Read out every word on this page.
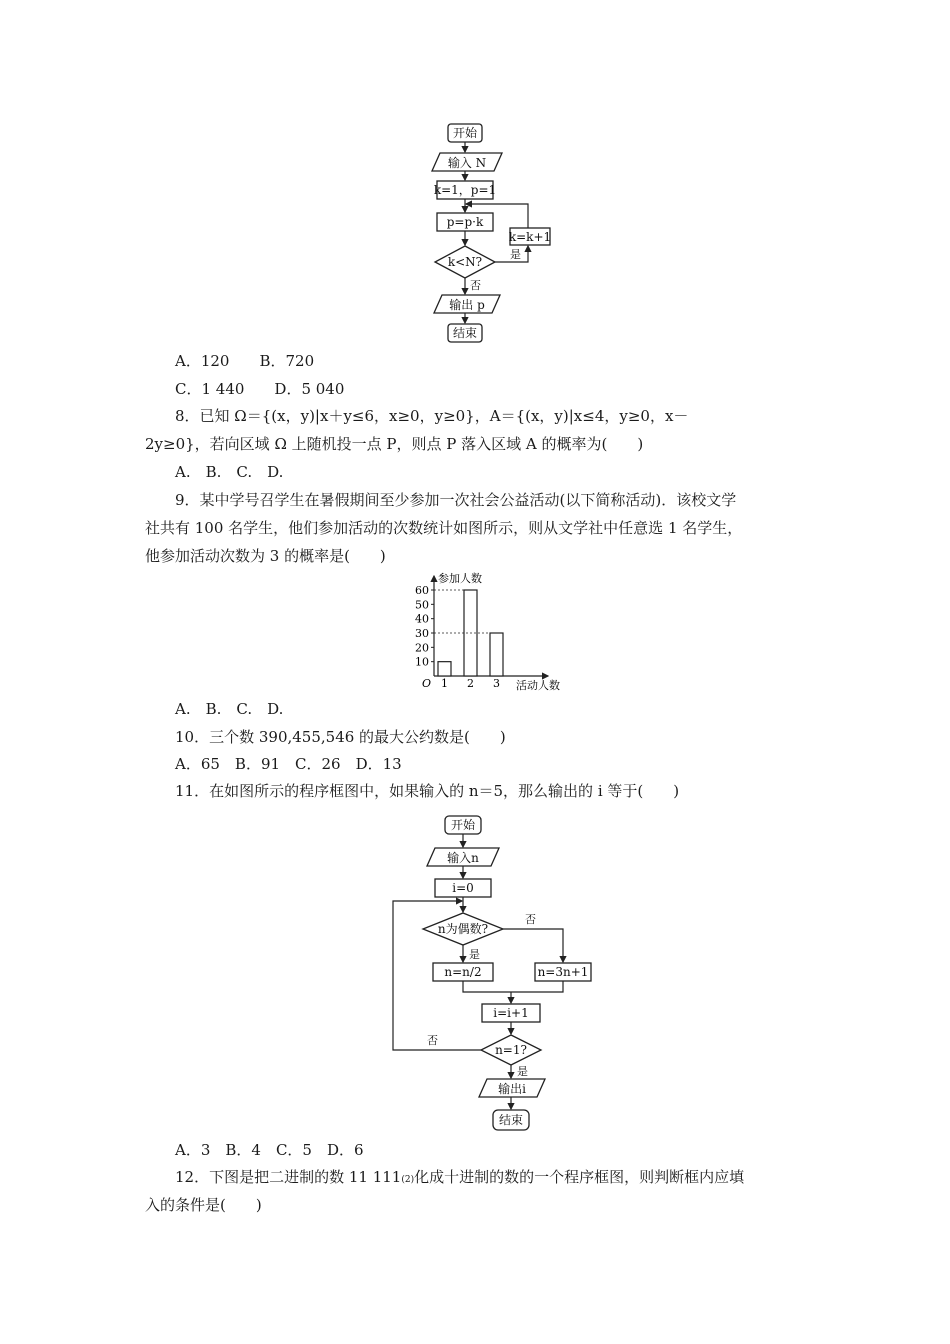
开始
输入 N
k=1，p=1
p=p·k
k<N?
是
k=k+1
否
输出 p
结束
A．120　　B．720
C．1 440　　D．5 040
8．已知 Ω＝{(x，y)|x＋y≤6，x≥0，y≥0}，A＝{(x，y)|x≤4，y≥0，x－
2y≥0}，若向区域 Ω 上随机投一点 P，则点 P 落入区域 A 的概率为(　　)
A.　B.　C.　D.
9．某中学号召学生在暑假期间至少参加一次社会公益活动(以下简称活动)．该校文学
社共有 100 名学生，他们参加活动的次数统计如图所示，则从文学社中任意选 1 名学生，
他参加活动次数为 3 的概率是(　　)
参加人数
活动人数
O
10
20
30
40
50
60
1 2 3
A.　B.　C.　D.
10．三个数 390,455,546 的最大公约数是(　　)
A．65　B．91　C．26　D．13
11．在如图所示的程序框图中，如果输入的 n＝5，那么输出的 i 等于(　　)
开始
输入n
i=0
n为偶数?
是
n=n/2
否
n=3n+1
i=i+1
n=1?
否
是
输出i
结束
A．3　B．4　C．5　D．6
12．下图是把二进制的数 11 111(2)化成十进制的数的一个程序框图，则判断框内应填
入的条件是(　　)
